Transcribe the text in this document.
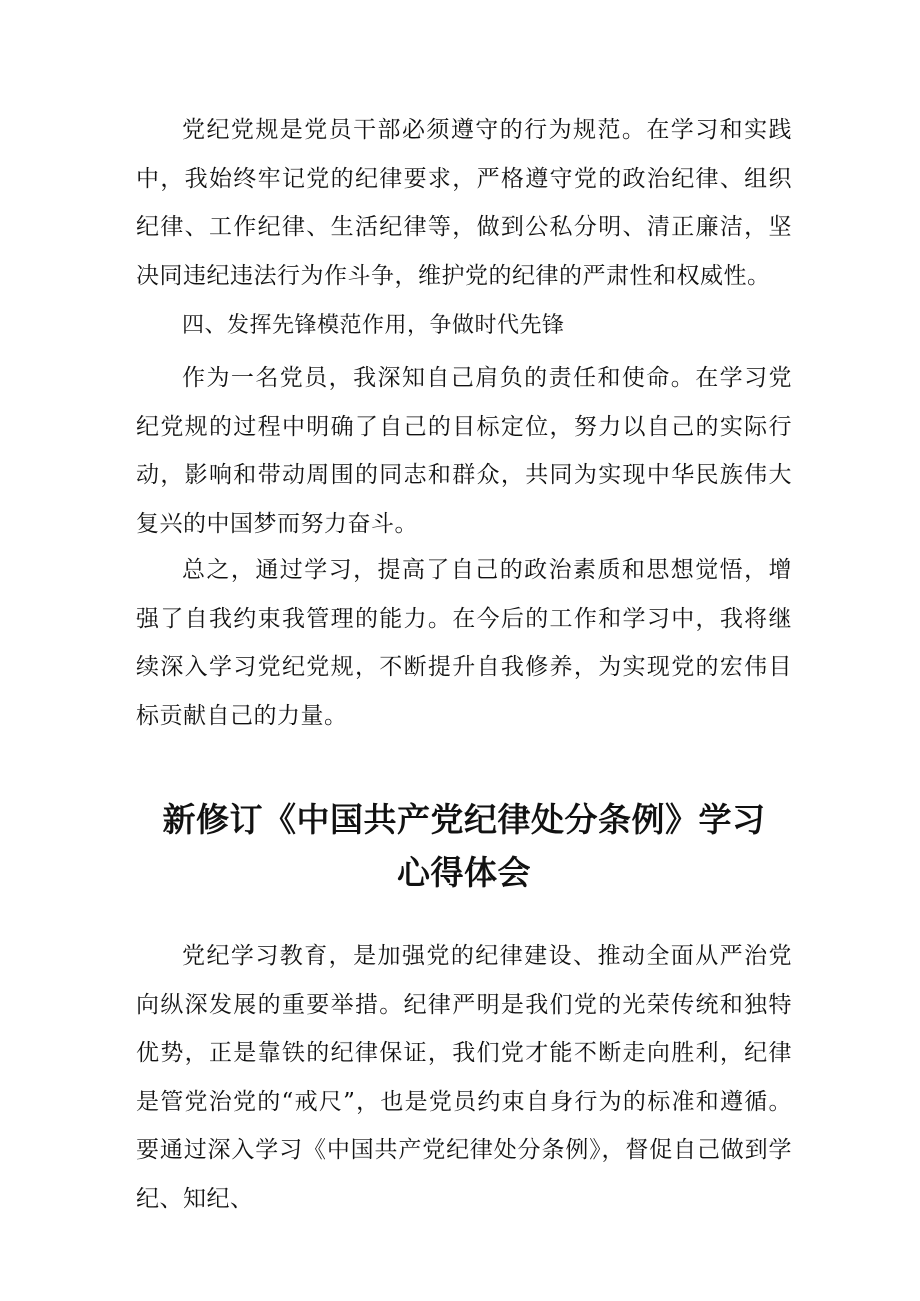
党纪党规是党员干部必须遵守的行为规范。在学习和实践中，我始终牢记党的纪律要求，严格遵守党的政治纪律、组织纪律、工作纪律、生活纪律等，做到公私分明、清正廉洁，坚决同违纪违法行为作斗争，维护党的纪律的严肃性和权威性。

四、发挥先锋模范作用，争做时代先锋

作为一名党员，我深知自己肩负的责任和使命。在学习党纪党规的过程中明确了自己的目标定位，努力以自己的实际行动，影响和带动周围的同志和群众，共同为实现中华民族伟大复兴的中国梦而努力奋斗。

总之，通过学习，提高了自己的政治素质和思想觉悟，增强了自我约束我管理的能力。在今后的工作和学习中，我将继续深入学习党纪党规，不断提升自我修养，为实现党的宏伟目标贡献自己的力量。

新修订《中国共产党纪律处分条例》学习
心得体会

党纪学习教育，是加强党的纪律建设、推动全面从严治党向纵深发展的重要举措。纪律严明是我们党的光荣传统和独特优势，正是靠铁的纪律保证，我们党才能不断走向胜利，纪律是管党治党的“戒尺”，也是党员约束自身行为的标准和遵循。要通过深入学习《中国共产党纪律处分条例》，督促自己做到学纪、知纪、
